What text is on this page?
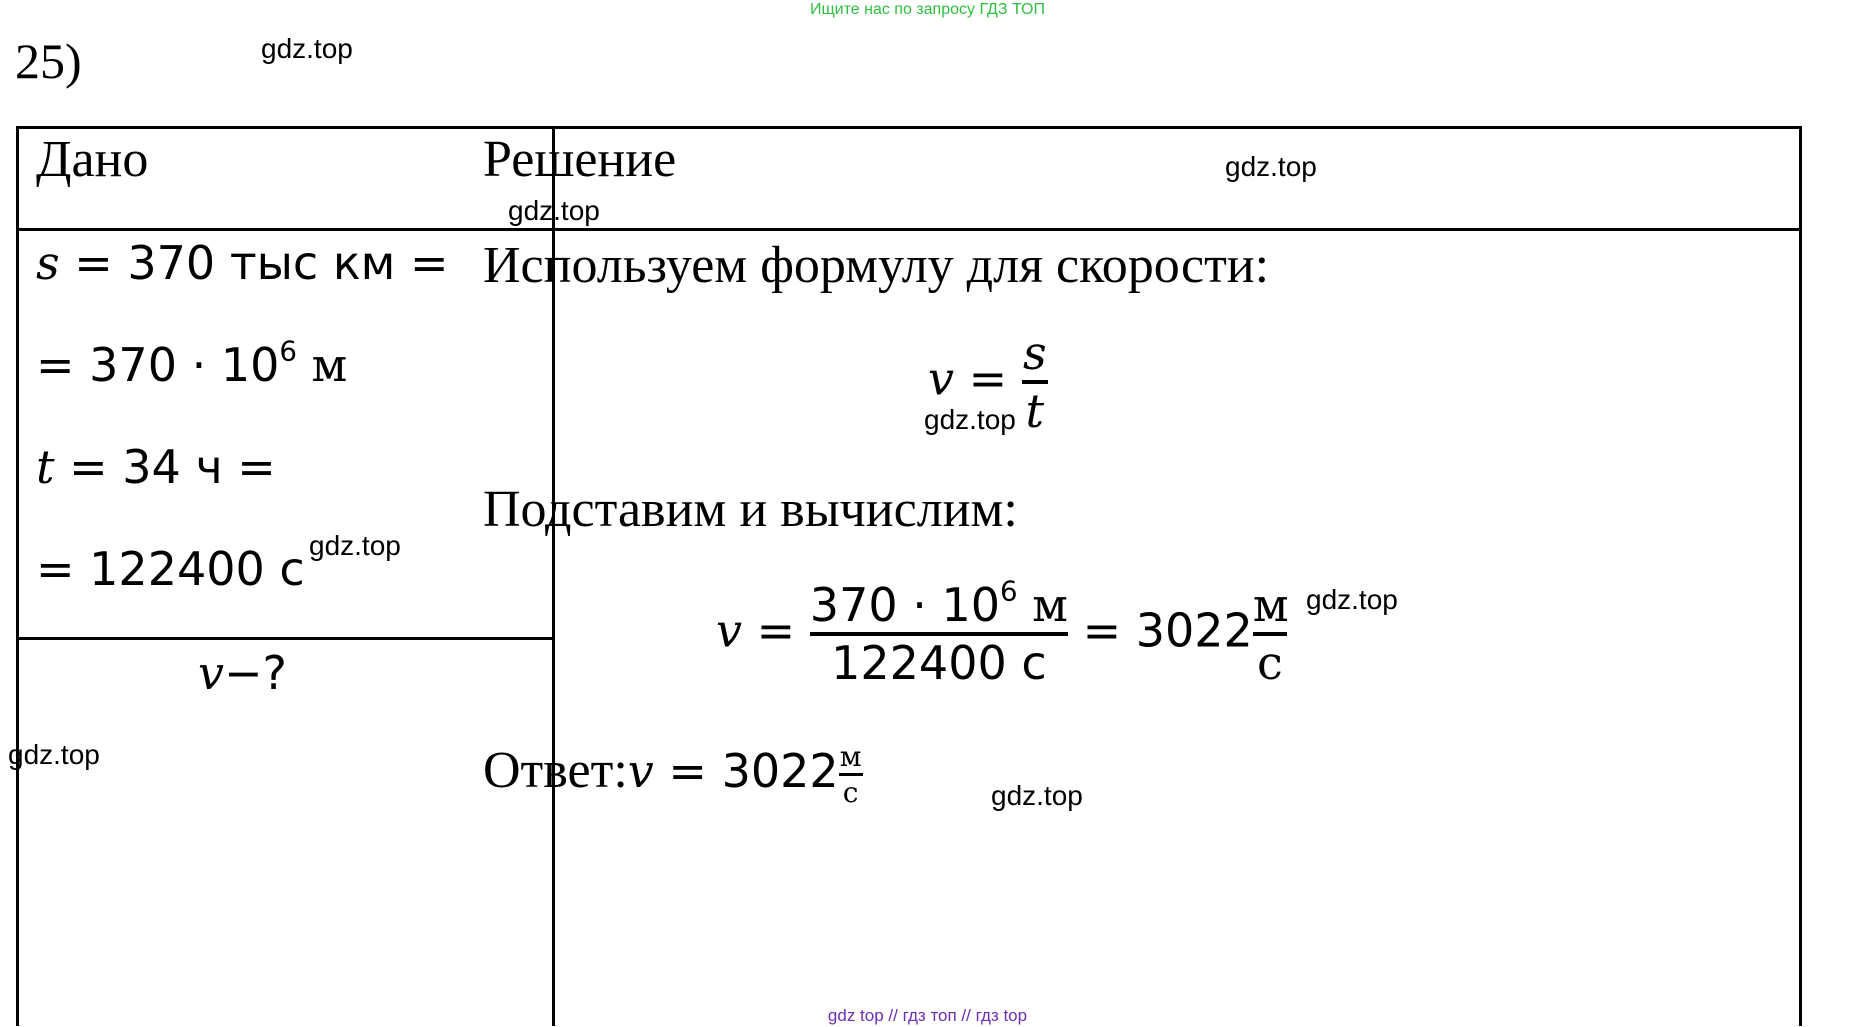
Ищите нас по запросу ГДЗ ТОП
25)
Дано	Решение
s = 370 тыс км =
= $370 \cdot 10^6$ м
t = 34 ч =
= 122400 с
v−?
Используем формулу для скорости:
$v = \frac{s}{t}$
Подставим и вычислим:
$v = \frac{370 \cdot 10^6 м}{122400 с} = 3022 \frac{м}{с}$
Ответ:v = $3022 \frac{м}{с}$
gdz.top
gdz.top
gdz.top
gdz.top
gdz.top
gdz.top
gdz.top
gdz.top
gdz top // гдз топ // гдз top
